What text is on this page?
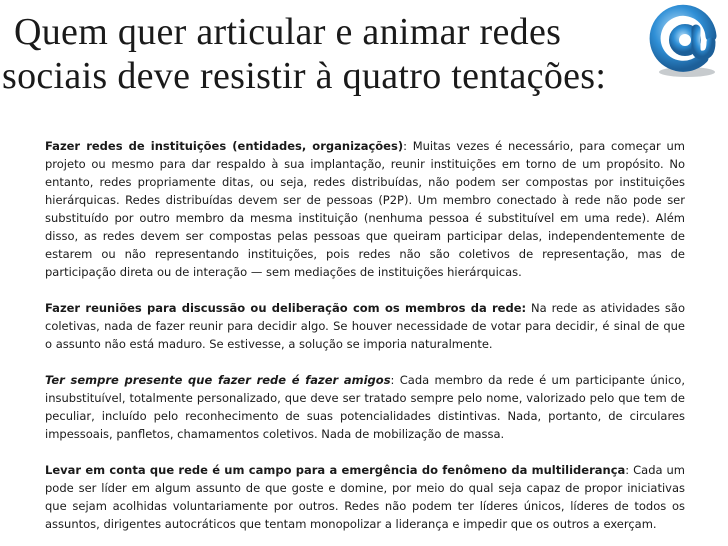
Quem quer articular e animar redes
sociais deve resistir à quatro tentações:

Fazer redes de instituições (entidades, organizações): Muitas vezes é necessário, para começar um projeto ou mesmo para dar respaldo à sua implantação, reunir instituições em torno de um propósito. No entanto, redes propriamente ditas, ou seja, redes distribuídas, não podem ser compostas por instituições hierárquicas. Redes distribuídas devem ser de pessoas (P2P). Um membro conectado à rede não pode ser substituído por outro membro da mesma instituição (nenhuma pessoa é substituível em uma rede). Além disso, as redes devem ser compostas pelas pessoas que queiram participar delas, independentemente de estarem ou não representando instituições, pois redes não são coletivos de representação, mas de participação direta ou de interação — sem mediações de instituições hierárquicas.

Fazer reuniões para discussão ou deliberação com os membros da rede: Na rede as atividades são coletivas, nada de fazer reunir para decidir algo. Se houver necessidade de votar para decidir, é sinal de que o assunto não está maduro. Se estivesse, a solução se imporia naturalmente.

Ter sempre presente que fazer rede é fazer amigos: Cada membro da rede é um participante único, insubstituível, totalmente personalizado, que deve ser tratado sempre pelo nome, valorizado pelo que tem de peculiar, incluído pelo reconhecimento de suas potencialidades distintivas. Nada, portanto, de circulares impessoais, panfletos, chamamentos coletivos. Nada de mobilização de massa.

Levar em conta que rede é um campo para a emergência do fenômeno da multiliderança: Cada um pode ser líder em algum assunto de que goste e domine, por meio do qual seja capaz de propor iniciativas que sejam acolhidas voluntariamente por outros. Redes não podem ter líderes únicos, líderes de todos os assuntos, dirigentes autocráticos que tentam monopolizar a liderança e impedir que os outros a exerçam.
